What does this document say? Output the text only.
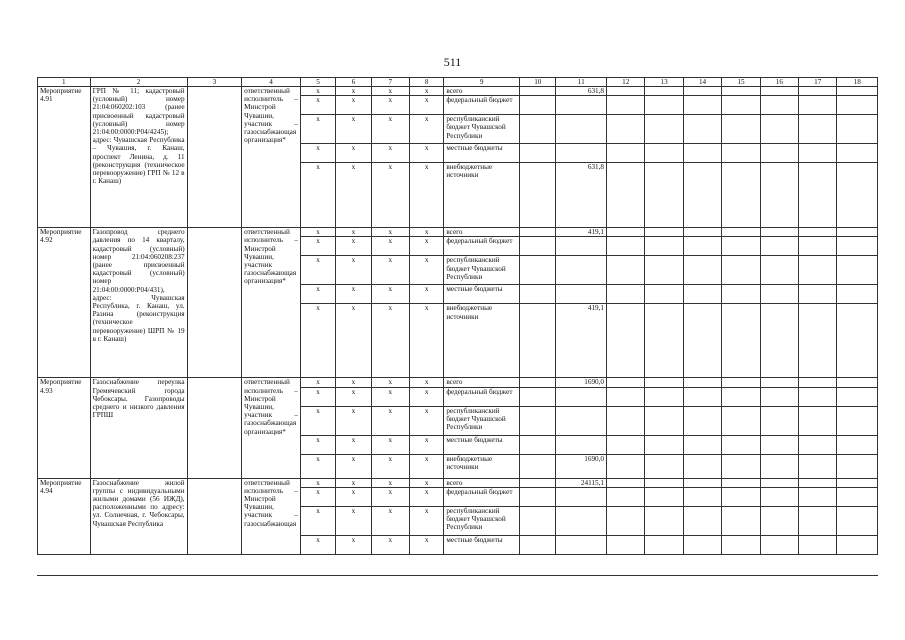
511
1	2	3	4	5	6	7	8	9	10	11	12	13	14	15	16	17	18
Мероприятие
4.91	ГРП № 11; кадастровый (условный) номер 21:04:060202:103 (ранее присвоенный кадастровый (условный) номер 21:04:00:0000:Р04/4245); адрес: Чувашская Республика – Чувашия, г. Канаш, проспект Ленина, д. 11 (реконструкция (техническое перевооружение) ГРП № 12 в г. Канаш)		ответственный исполнитель – Минстрой Чувашии, участник – газоснабжающая организация*	x	x	x	x	всего		631,8							
				x	x	x	x	федеральный бюджет									
				x	x	x	x	республиканский бюджет Чувашской Республики									
				x	x	x	x	местные бюджеты									
				x	x	x	x	внебюджетные источники		631,8							
Мероприятие
4.92	Газопровод среднего давления по 14 кварталу, кадастровый (условный) номер 21:04:060208:237 (ранее присвоенный кадастровый (условный) номер 21:04:00:0000:Р04/431), адрес: Чувашская Республика, г. Канаш, ул. Разина (реконструкция (техническое перевооружение) ШРП № 19 в г. Канаш)		ответственный исполнитель – Минстрой Чувашии, участник газоснабжающая организация*	x	x	x	x	всего		419,1							
				x	x	x	x	федеральный бюджет									
				x	x	x	x	республиканский бюджет Чувашской Республики									
				x	x	x	x	местные бюджеты									
				x	x	x	x	внебюджетные источники		419,1							
Мероприятие
4.93	Газоснабжение переулка Гремячевский города Чебоксары. Газопроводы среднего и низкого давления ГРПШ		ответственный исполнитель – Минстрой Чувашии, участник – газоснабжающая организация*	x	x	x	x	всего		1690,0							
				x	x	x	x	федеральный бюджет									
				x	x	x	x	республиканский бюджет Чувашской Республики									
				x	x	x	x	местные бюджеты									
				x	x	x	x	внебюджетные источники		1690,0							
Мероприятие
4.94	Газоснабжение жилой группы с индивидуальными жилыми домами (56 ИЖД), расположенными по адресу: ул. Солнечная, г. Чебоксары, Чувашская Республика		ответственный исполнитель – Минстрой Чувашии, участник – газоснабжающая	x	x	x	x	всего		24115,1							
				x	x	x	x	федеральный бюджет									
				x	x	x	x	республиканский бюджет Чувашской Республики									
				x	x	x	x	местные бюджеты									
